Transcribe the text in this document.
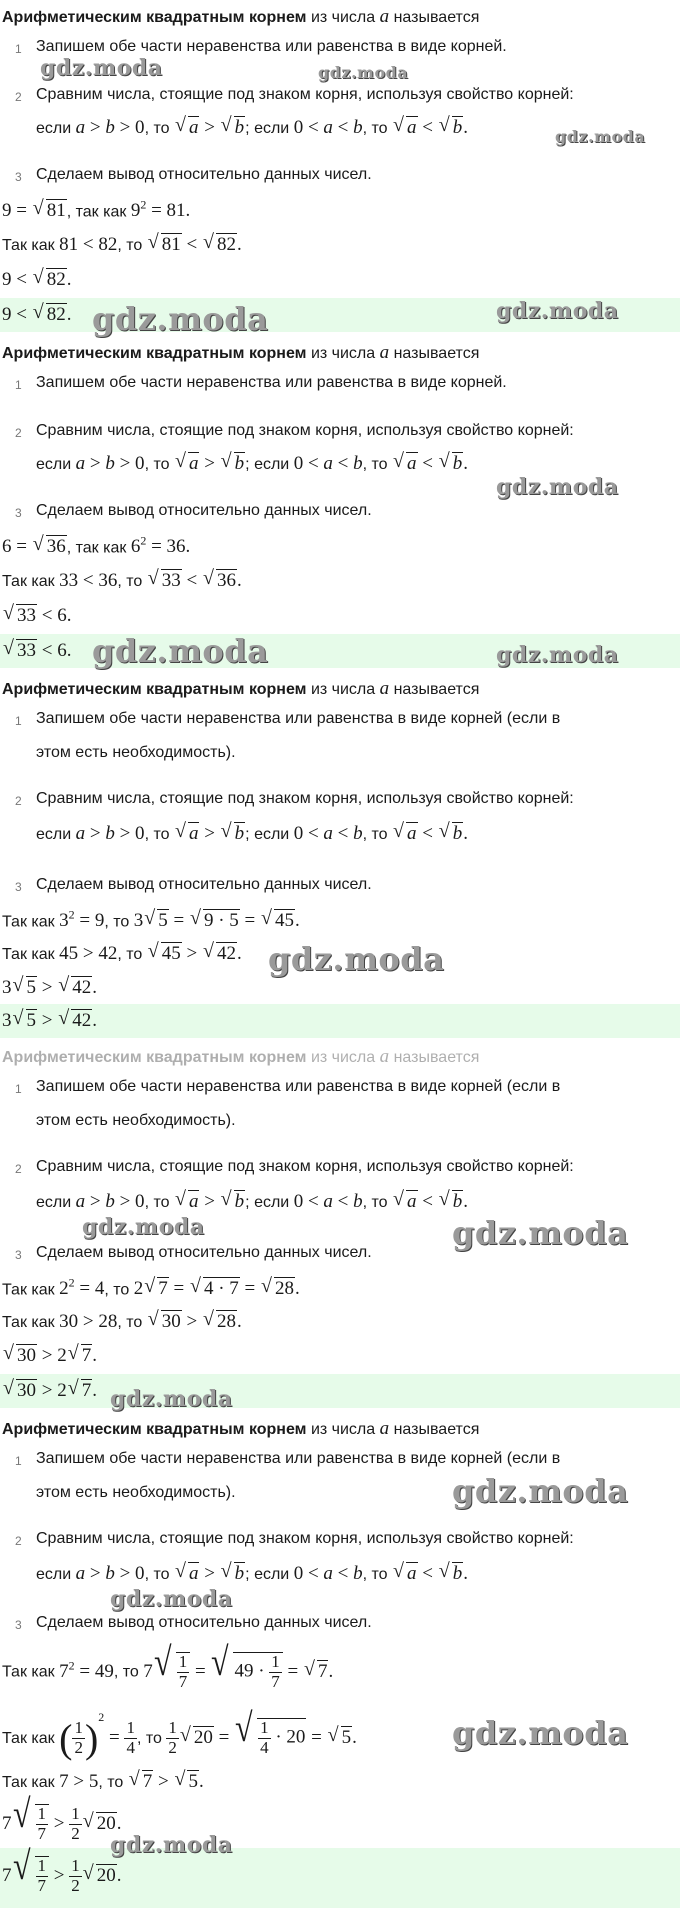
Арифметическим квадратным корнем из числа a называется
1 Запишем обе части неравенства или равенства в виде корней.
2 Сравним числа, стоящие под знаком корня, используя свойство корней:
если a > b > 0, то √ a > √ b; если 0 < a < b, то √ a < √ b.
3 Сделаем вывод относительно данных чисел.
9 = √ 81, так как $9^2 = 81$.
Так как 81 < 82, то √ 81 < √ 82.
9 < √ 82.
9 < √ 82.
gdz.moda	gdz.moda
gdz.moda
gdz.moda
gdz.moda
Арифметическим квадратным корнем из числа a называется
1 Запишем обе части неравенства или равенства в виде корней.
2 Сравним числа, стоящие под знаком корня, используя свойство корней:
если a > b > 0, то √ a > √ b; если 0 < a < b, то √ a < √ b.
3 Сделаем вывод относительно данных чисел.
6 = √ 36, так как $6^2 = 36$.
Так как 33 < 36, то √ 33 < √ 36.
√ 33 < 6.
√ 33 < 6.
gdz.moda
gdz.moda
gdz.moda
Арифметическим квадратным корнем из числа a называется
1 Запишем обе части неравенства или равенства в виде корней (если в
этом есть необходимость).
2 Сравним числа, стоящие под знаком корня, используя свойство корней:
если a > b > 0, то √ a > √ b; если 0 < a < b, то √ a < √ b.
3 Сделаем вывод относительно данных чисел.
Так как $3^2 = 9$, то 3 √ 5 = √ 9 · 5 = √ 45.
Так как 45 > 42, то √ 45 > √ 42.
3 √ 5 > √ 42.
3 √ 5 > √ 42.
gdz.moda
Арифметическим квадратным корнем из числа a называется
1 Запишем обе части неравенства или равенства в виде корней (если в
этом есть необходимость).
2 Сравним числа, стоящие под знаком корня, используя свойство корней:
если a > b > 0, то √ a > √ b; если 0 < a < b, то √ a < √ b.
3 Сделаем вывод относительно данных чисел.
Так как $2^2 = 4$, то 2 √ 7 = √ 4 · 7 = √ 28.
Так как 30 > 28, то √ 30 > √ 28.
√ 30 > 2 √ 7.
√ 30 > 2 √ 7.
gdz.moda	gdz.moda
gdz.moda
Арифметическим квадратным корнем из числа a называется
1 Запишем обе части неравенства или равенства в виде корней (если в
этом есть необходимость).
2 Сравним числа, стоящие под знаком корня, используя свойство корней:
если a > b > 0, то √ a > √ b; если 0 < a < b, то √ a < √ b.
3 Сделаем вывод относительно данных чисел.
Так как $7^2 = 49$, то 7 √ $\frac{1}{7}$ = √ $49 \cdot \frac{1}{7}$ = √ 7.
Так как ( $\frac{1}{2} )^2 = \frac{1}{4}$ , то $\frac{1}{2}$ √ 20 = √ $\frac{1}{4} \cdot 20$ = √ 5.
Так как 7 > 5, то √ 7 > √ 5.
7 √ $\frac{1}{7} > \frac{1}{2}$ √ 20.
7 √ $\frac{1}{7} > \frac{1}{2}$ √ 20.
gdz.moda
gdz.moda
gdz.moda
gdz.moda
